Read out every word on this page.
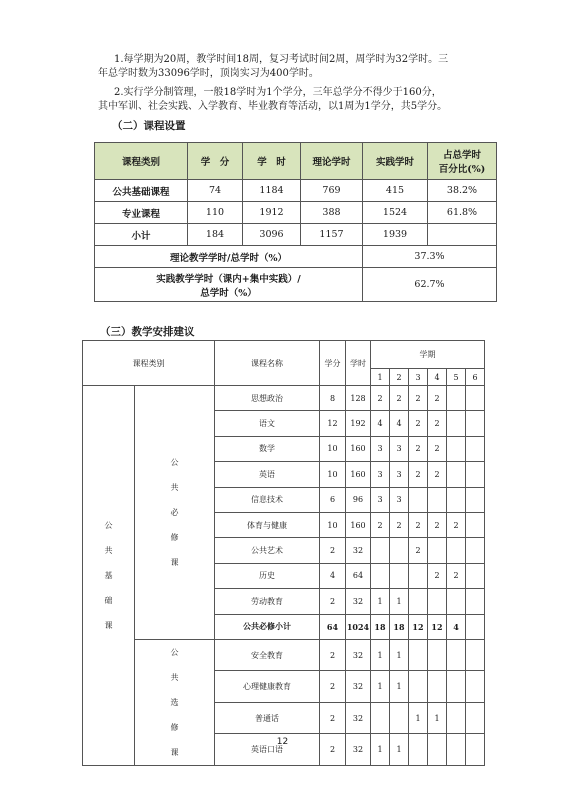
1.每学期为20周，教学时间18周，复习考试时间2周，周学时为32学时。三
年总学时数为33096学时，顶岗实习为400学时。
2.实行学分制管理，一般18学时为1个学分，三年总学分不得少于160分，
其中军训、社会实践、入学教育、毕业教育等活动，以1周为1学分，共5学分。
（二）课程设置
课程类别	学　分	学　时	理论学时	实践学时	占总学时
百分比(%)
公共基础课程	74	1184	769	415	38.2%
专业课程	110	1912	388	1524	61.8%
小计	184	3096	1157	1939	
理论教学学时/总学时（%）				37.3%	
实践教学学时（课内+集中实践）/
总学时（%）				62.7%	
（三）教学安排建议
课程类别		课程名称	学分	学时	学期					
					1	2	3	4	5	6
公
共
基
础
课	公
共
必
修
课	思想政治	8	128	2	2	2	2		
		语文	12	192	4	4	2	2		
		数学	10	160	3	3	2	2		
		英语	10	160	3	3	2	2		
		信息技术	6	96	3	3				
		体育与健康	10	160	2	2	2	2	2	
		公共艺术	2	32			2			
		历史	4	64				2	2	
		劳动教育	2	32	1	1				
		公共必修小计	64	1024	18	18	12	12	4	
	公
共
选
修
课	安全教育	2	32	1	1				
		心理健康教育	2	32	1	1				
		普通话	2	32			1	1		
		英语口语	2	32	1	1				
12
